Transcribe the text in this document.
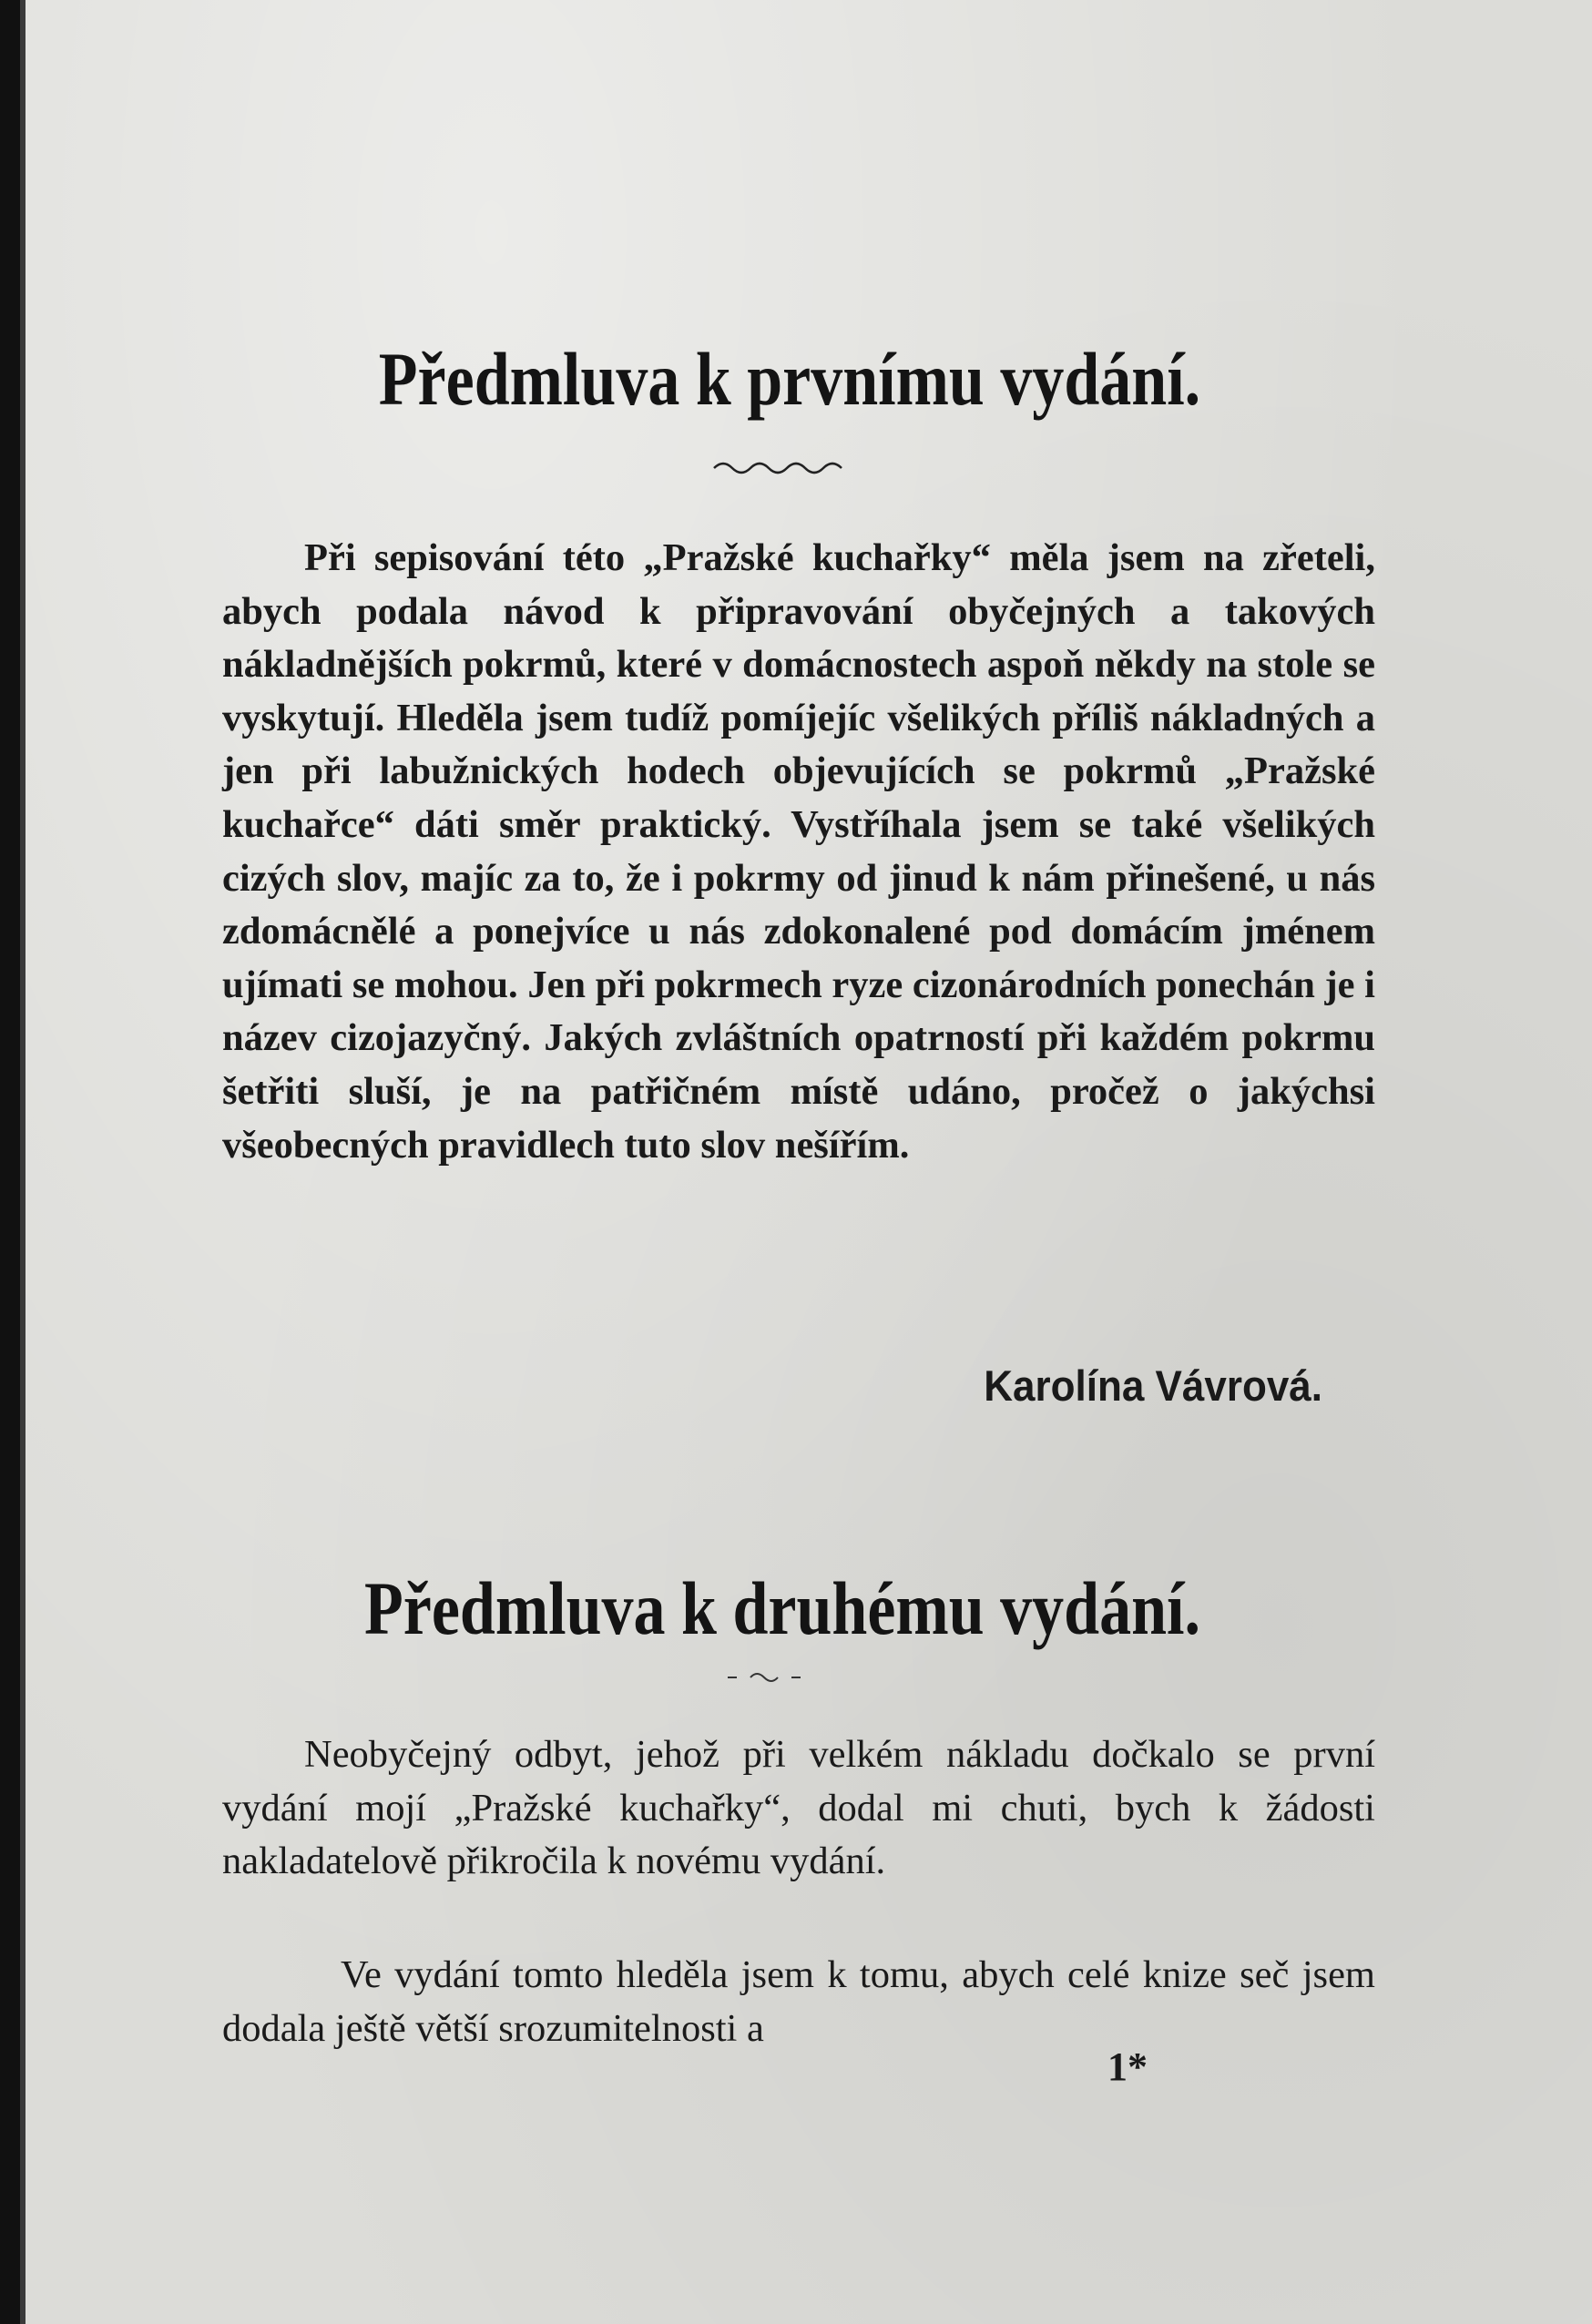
Předmluva k prvnímu vydání.

Při sepisování této „Pražské kuchařky“ měla jsem na zřeteli, abych podala návod k připravování obyčejných a takových nákladnějších pokrmů, které v domácnostech aspoň někdy na stole se vyskytují. Hleděla jsem tudíž pomíjejíc všelikých příliš nákladných a jen při labužnických hodech objevujících se pokrmů „Pražské kuchařce“ dáti směr praktický. Vystříhala jsem se také všelikých cizých slov, majíc za to, že i pokrmy od jinud k nám přinešené, u nás zdomácnělé a ponejvíce u nás zdokonalené pod domácím jménem ujímati se mohou. Jen při pokrmech ryze cizonárodních ponechán je i název cizojazyčný. Jakých zvláštních opatrností při každém pokrmu šetřiti sluší, je na patřičném místě udáno, pročež o jakýchsi všeobecných pravidlech tuto slov nešířím.

Karolína Vávrová.
Předmluva k druhému vydání.

Neobyčejný odbyt, jehož při velkém nákladu dočkalo se první vydání mojí „Pražské kuchařky“, dodal mi chuti, bych k žádosti nakladatelově přikročila k novému vydání.

Ve vydání tomto hleděla jsem k tomu, abych celé knize seč jsem dodala ještě větší srozumitelnosti a

1*
